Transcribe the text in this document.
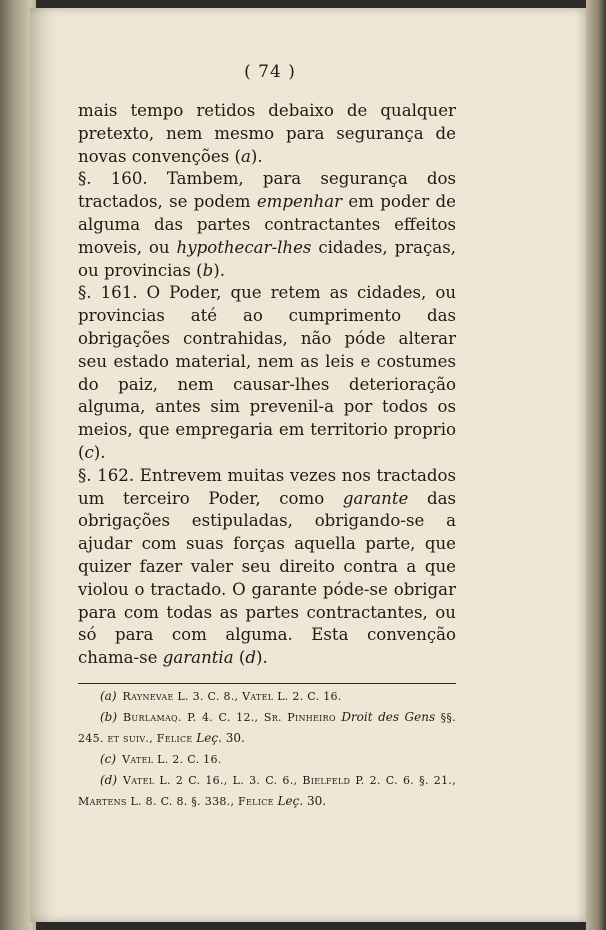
( 74 )

mais tempo retidos debaixo de qualquer pretexto, nem mesmo para segurança de novas convenções (a).

§. 160. Tambem, para segurança dos tractados, se podem empenhar em poder de alguma das partes contractantes effeitos moveis, ou hypothecar-lhes cidades, praças, ou provincias (b).

§. 161. O Poder, que retem as cidades, ou provincias até ao cumprimento das obrigações contrahidas, não póde alterar seu estado material, nem as leis e costumes do paiz, nem causar-lhes deterioração alguma, antes sim prevenil-a por todos os meios, que empregaria em territorio proprio (c).

§. 162. Entrevem muitas vezes nos tractados um terceiro Poder, como garante das obrigações estipuladas, obrigando-se a ajudar com suas forças aquella parte, que quizer fazer valer seu direito contra a que violou o tractado. O garante póde-se obrigar para com todas as partes contractantes, ou só para com alguma. Esta convenção chama-se garantia (d).

(a) Raynevae L. 3. C. 8., Vatel L. 2. C. 16.

(b) Burlamaq. P. 4. C. 12., Sr. Pinheiro Droit des Gens §§. 245. et suiv., Felice Leç. 30.

(c) Vatel L. 2. C. 16.

(d) Vatel L. 2 C. 16., L. 3. C. 6., Bielfeld P. 2. C. 6. §. 21., Martens L. 8. C. 8. §. 338., Felice Leç. 30.
